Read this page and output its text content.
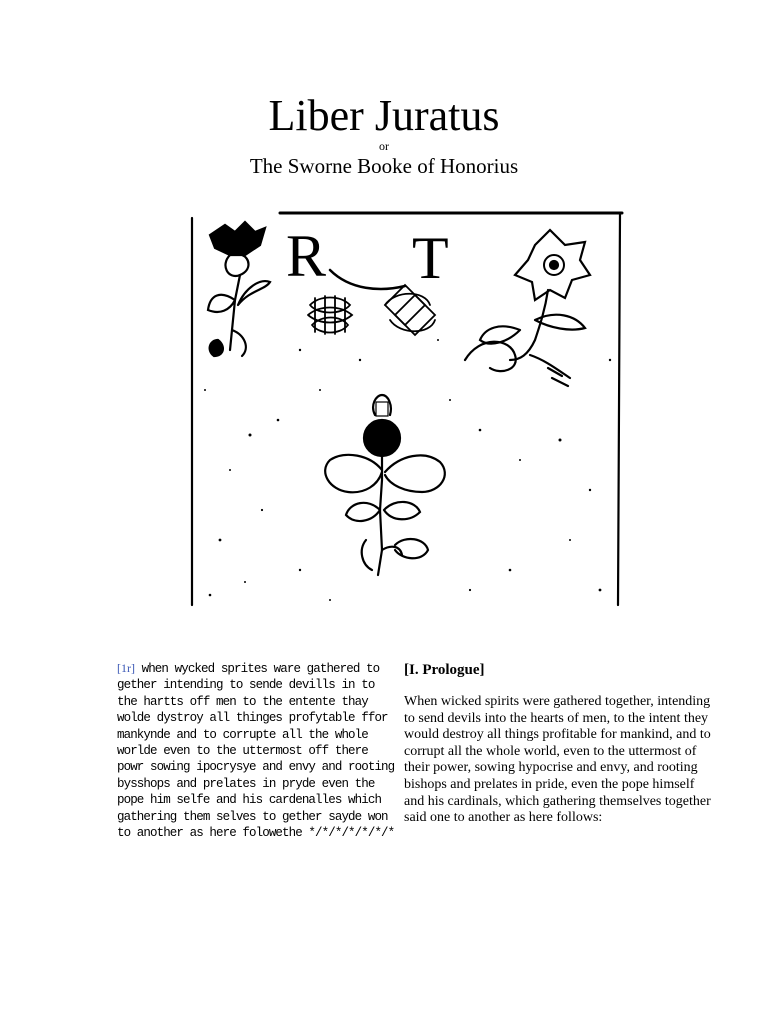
Liber Juratus
or
The Sworne Booke of Honorius
R T
[1r] when wycked sprites ware gathered to gether intending to sende devills in to the hartts off men to the entente thay wolde dystroy all thinges profytable ffor mankynde and to corrupte all the whole worlde even to the uttermost off there powr sowing ipocrysye and envy and rooting bysshops and prelates in pryde even the pope him selfe and his cardenalles which gathering them selves to gether sayde won to another as here folowethe */*/*/*/*/*/*

[I. Prologue]

When wicked spirits were gathered together, intending to send devils into the hearts of men, to the intent they would destroy all things profitable for mankind, and to corrupt all the whole world, even to the uttermost of their power, sowing hypocrise and envy, and rooting bishops and prelates in pride, even the pope himself and his cardinals, which gathering themselves together said one to another as here follows:
